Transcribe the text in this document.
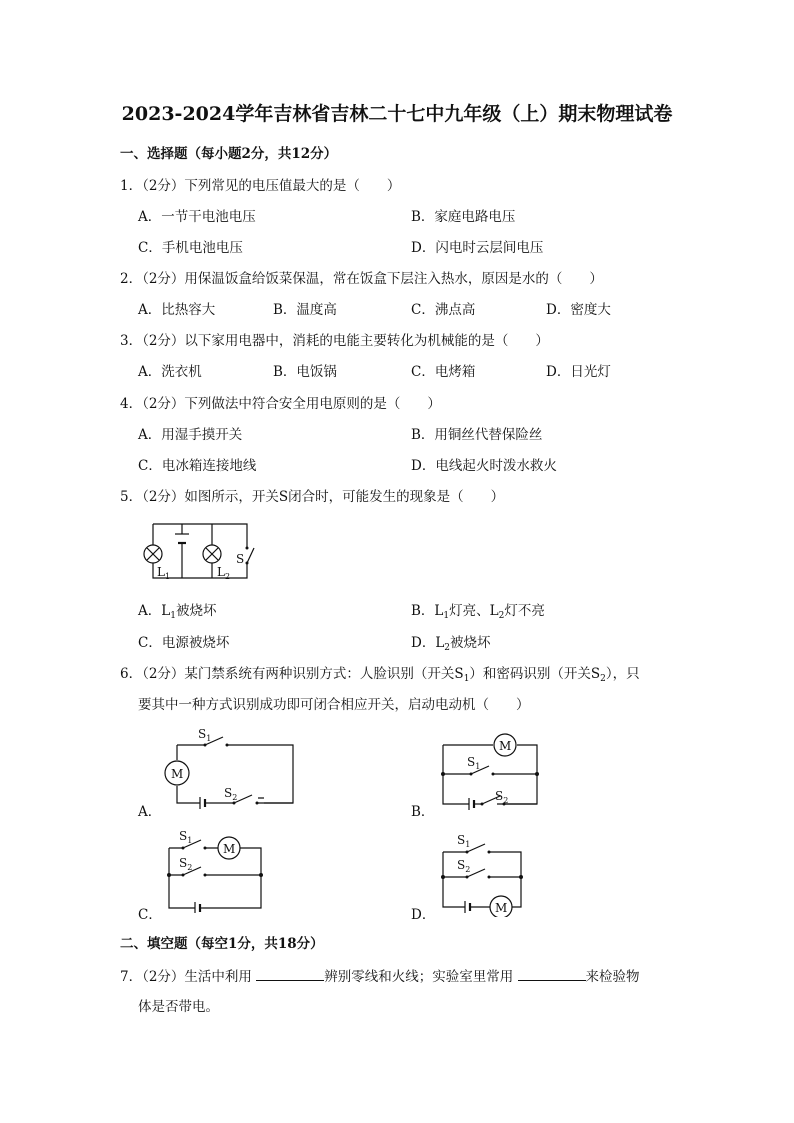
2023-2024学年吉林省吉林二十七中九年级（上）期末物理试卷
一、选择题（每小题2分，共12分）
1．（2分）下列常见的电压值最大的是（　　）
A．一节干电池电压	B．家庭电路电压
C．手机电池电压	D．闪电时云层间电压
2．（2分）用保温饭盒给饭菜保温，常在饭盒下层注入热水，原因是水的（　　）
A．比热容大	B．温度高	C．沸点高	D．密度大
3．（2分）以下家用电器中，消耗的电能主要转化为机械能的是（　　）
A．洗衣机	B．电饭锅	C．电烤箱	D．日光灯
4．（2分）下列做法中符合安全用电原则的是（　　）
A．用湿手摸开关	B．用铜丝代替保险丝
C．电冰箱连接地线	D．电线起火时泼水救火
5．（2分）如图所示，开关S闭合时，可能发生的现象是（　　）
$L_1$	$L_2$
S
A．$L_1$被烧坏	B．$L_1$灯亮、$L_2$灯不亮
C．电源被烧坏	D．$L_2$被烧坏
6．（2分）某门禁系统有两种识别方式：人脸识别（开关$S_1$）和密码识别（开关$S_2$），只
要其中一种方式识别成功即可闭合相应开关，启动电动机（　　）
M
$S_1$
$S_2$
A．
M
$S_1$
$S_2$
B．
M
$S_1$
$S_2$
C．	M
$S_1$
$S_2$
D．
二、填空题（每空1分，共18分）
7．（2分）生活中利用	辨别零线和火线；实验室里常用	来检验物
体是否带电。
